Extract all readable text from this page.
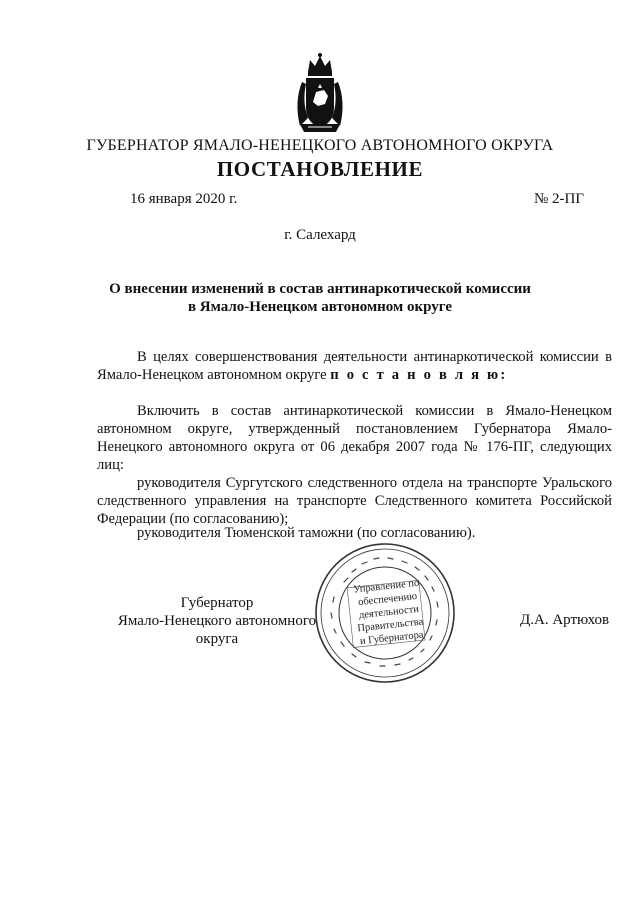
ГУБЕРНАТОР ЯМАЛО-НЕНЕЦКОГО АВТОНОМНОГО ОКРУГА
ПОСТАНОВЛЕНИЕ
16 января 2020 г.	№ 2-ПГ
г. Салехард
О внесении изменений в состав антинаркотической комиссии
в Ямало-Ненецком автономном округе
В целях совершенствования деятельности антинаркотической комиссии в Ямало-Ненецком автономном округе п о с т а н о в л я ю:
Включить в состав антинаркотической комиссии в Ямало-Ненецком автономном округе, утвержденный постановлением Губернатора Ямало-Ненецкого автономного округа от 06 декабря 2007 года № 176-ПГ, следующих лиц:
руководителя Сургутского следственного отдела на транспорте Уральского следственного управления на транспорте Следственного комитета Российской Федерации (по согласованию);
руководителя Тюменской таможни (по согласованию).
Губернатор
Ямало-Ненецкого автономного округа
Д.А. Артюхов
Управление по
обеспечению
деятельности
Правительства
и Губернатора
